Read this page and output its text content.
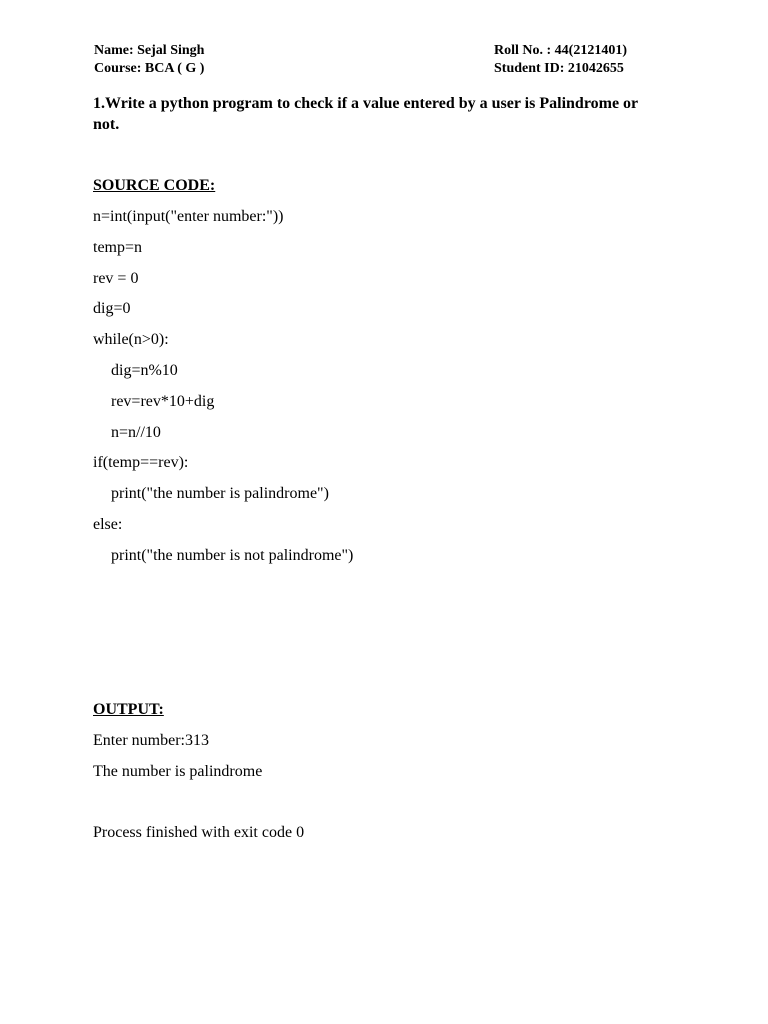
Name: Sejal Singh
Course: BCA ( G )
Roll No. : 44(2121401)
Student ID: 21042655
1.Write a python program to check if a value entered by a user is Palindrome or not.
SOURCE CODE:
n=int(input("enter number:"))
temp=n
rev = 0
dig=0
while(n>0):
dig=n%10
rev=rev*10+dig
n=n//10
if(temp==rev):
print("the number is palindrome")
else:
print("the number is not palindrome")
OUTPUT:
Enter number:313
The number is palindrome
Process finished with exit code 0
